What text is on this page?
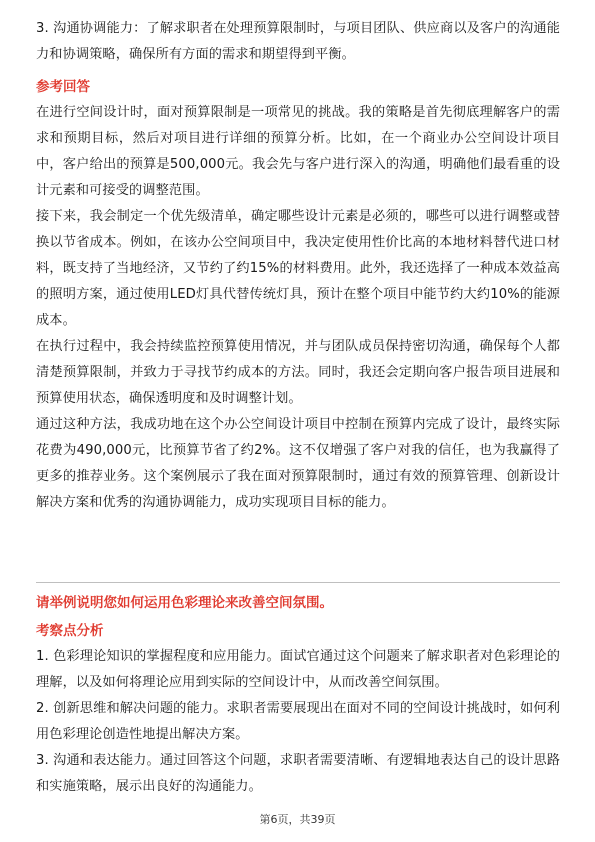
3. 沟通协调能力：了解求职者在处理预算限制时，与项目团队、供应商以及客户的沟通能力和协调策略，确保所有方面的需求和期望得到平衡。

参考回答

在进行空间设计时，面对预算限制是一项常见的挑战。我的策略是首先彻底理解客户的需求和预期目标，然后对项目进行详细的预算分析。比如，在一个商业办公空间设计项目中，客户给出的预算是500,000元。我会先与客户进行深入的沟通，明确他们最看重的设计元素和可接受的调整范围。

接下来，我会制定一个优先级清单，确定哪些设计元素是必须的，哪些可以进行调整或替换以节省成本。例如，在该办公空间项目中，我决定使用性价比高的本地材料替代进口材料，既支持了当地经济，又节约了约15%的材料费用。此外，我还选择了一种成本效益高的照明方案，通过使用LED灯具代替传统灯具，预计在整个项目中能节约大约10%的能源成本。

在执行过程中，我会持续监控预算使用情况，并与团队成员保持密切沟通，确保每个人都清楚预算限制，并致力于寻找节约成本的方法。同时，我还会定期向客户报告项目进展和预算使用状态，确保透明度和及时调整计划。

通过这种方法，我成功地在这个办公空间设计项目中控制在预算内完成了设计，最终实际花费为490,000元，比预算节省了约2%。这不仅增强了客户对我的信任，也为我赢得了更多的推荐业务。这个案例展示了我在面对预算限制时，通过有效的预算管理、创新设计解决方案和优秀的沟通协调能力，成功实现项目目标的能力。

请举例说明您如何运用色彩理论来改善空间氛围。

考察点分析

1. 色彩理论知识的掌握程度和应用能力。面试官通过这个问题来了解求职者对色彩理论的理解，以及如何将理论应用到实际的空间设计中，从而改善空间氛围。

2. 创新思维和解决问题的能力。求职者需要展现出在面对不同的空间设计挑战时，如何利用色彩理论创造性地提出解决方案。

3. 沟通和表达能力。通过回答这个问题，求职者需要清晰、有逻辑地表达自己的设计思路和实施策略，展示出良好的沟通能力。

第6页，共39页
